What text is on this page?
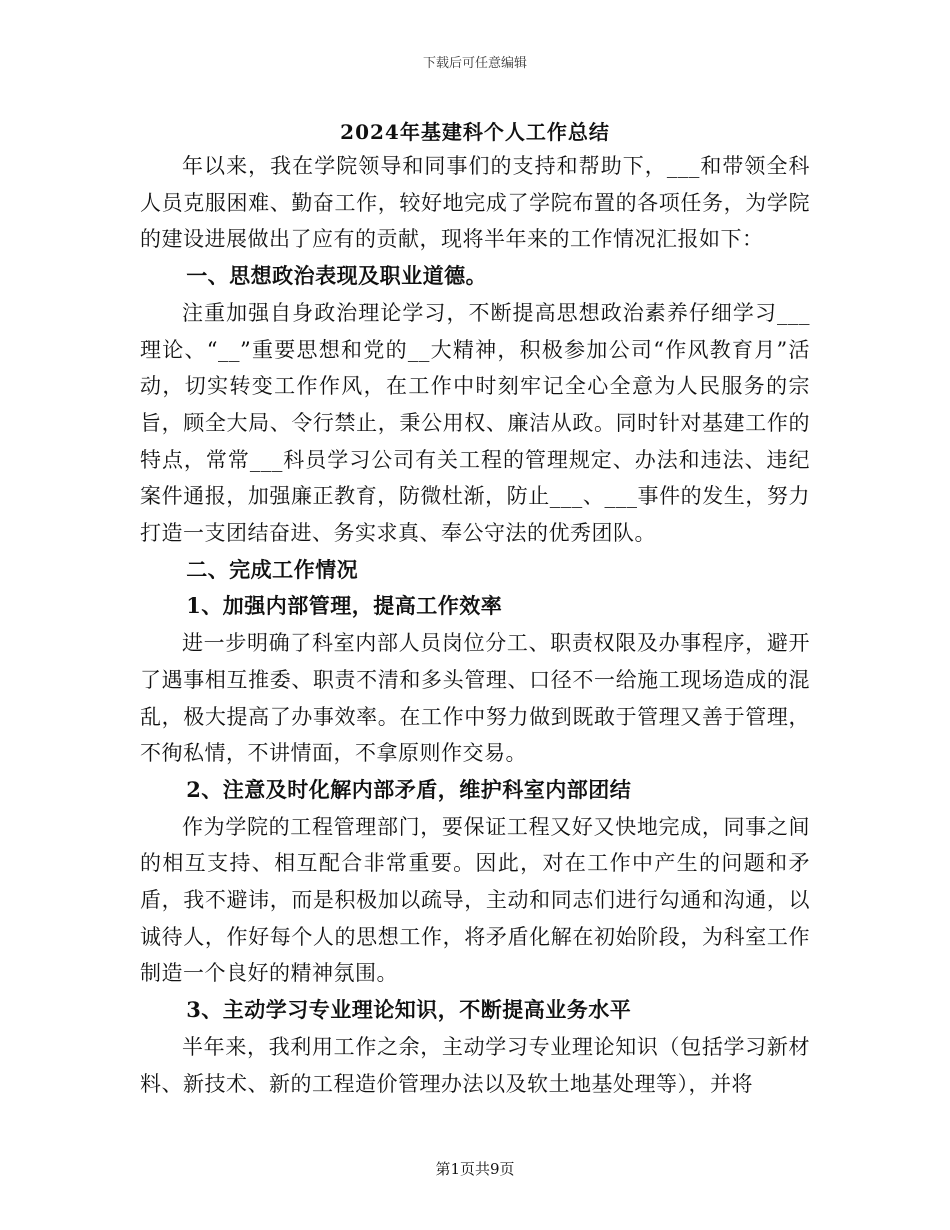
下载后可任意编辑
2024年基建科个人工作总结

年以来，我在学院领导和同事们的支持和帮助下，___和带领全科人员克服困难、勤奋工作，较好地完成了学院布置的各项任务，为学院的建设进展做出了应有的贡献，现将半年来的工作情况汇报如下：

一、思想政治表现及职业道德。

注重加强自身政治理论学习，不断提高思想政治素养仔细学习___理论、“__”重要思想和党的__大精神，积极参加公司“作风教育月”活动，切实转变工作作风，在工作中时刻牢记全心全意为人民服务的宗旨，顾全大局、令行禁止，秉公用权、廉洁从政。同时针对基建工作的特点，常常___科员学习公司有关工程的管理规定、办法和违法、违纪案件通报，加强廉正教育，防微杜渐，防止___、___事件的发生，努力打造一支团结奋进、务实求真、奉公守法的优秀团队。

二、完成工作情况

1、加强内部管理，提高工作效率

进一步明确了科室内部人员岗位分工、职责权限及办事程序，避开了遇事相互推委、职责不清和多头管理、口径不一给施工现场造成的混乱，极大提高了办事效率。在工作中努力做到既敢于管理又善于管理，不徇私情，不讲情面，不拿原则作交易。

2、注意及时化解内部矛盾，维护科室内部团结

作为学院的工程管理部门，要保证工程又好又快地完成，同事之间的相互支持、相互配合非常重要。因此，对在工作中产生的问题和矛盾，我不避讳，而是积极加以疏导，主动和同志们进行勾通和沟通，以诚待人，作好每个人的思想工作，将矛盾化解在初始阶段，为科室工作制造一个良好的精神氛围。

3、主动学习专业理论知识，不断提高业务水平

半年来，我利用工作之余，主动学习专业理论知识（包括学习新材料、新技术、新的工程造价管理办法以及软土地基处理等），并将

第1页共9页
